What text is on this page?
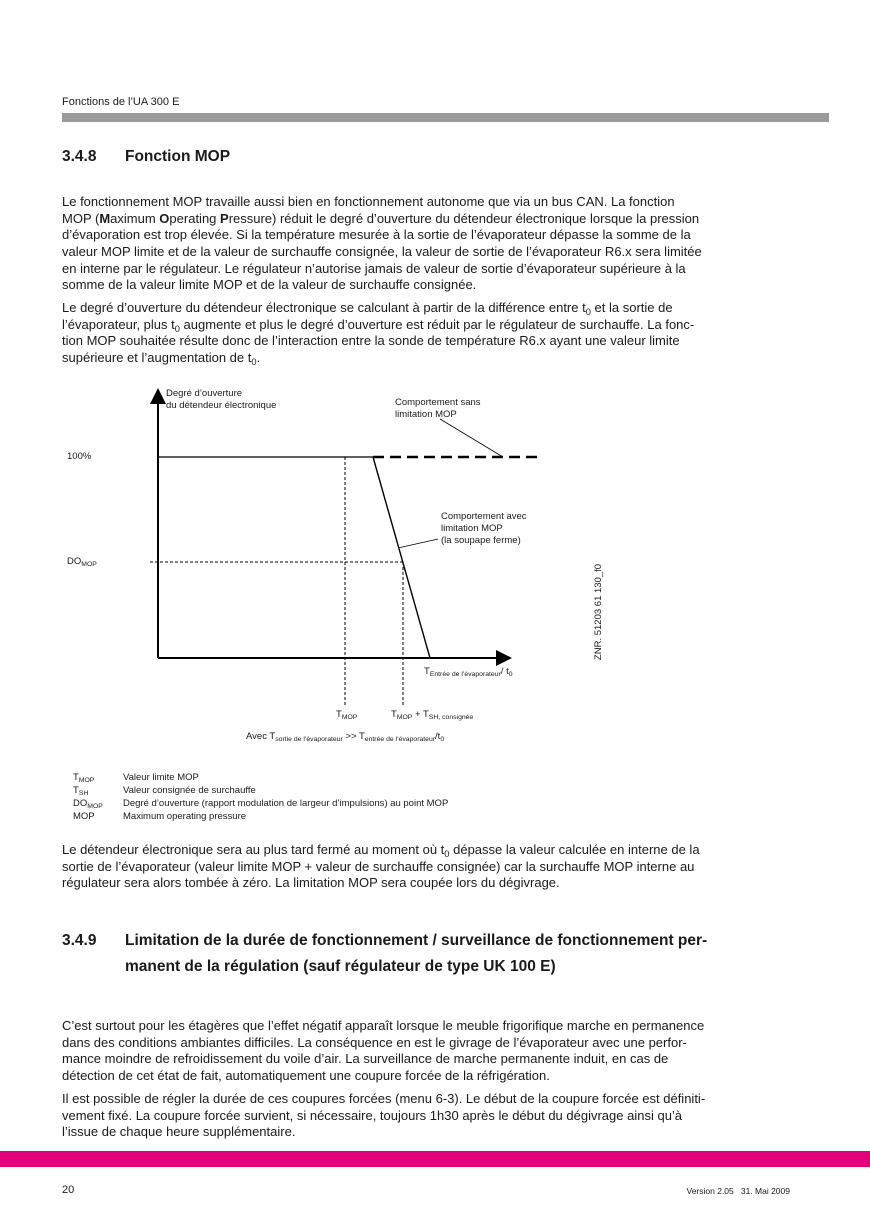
Fonctions de l’UA 300 E
3.4.8 Fonction MOP
Le fonctionnement MOP travaille aussi bien en fonctionnement autonome que via un bus CAN. La fonction
MOP (Maximum Operating Pressure) réduit le degré d’ouverture du détendeur électronique lorsque la pression
d’évaporation est trop élevée. Si la température mesurée à la sortie de l’évaporateur dépasse la somme de la
valeur MOP limite et de la valeur de surchauffe consignée, la valeur de sortie de l’évaporateur R6.x sera limitée
en interne par le régulateur. Le régulateur n’autorise jamais de valeur de sortie d’évaporateur supérieure à la
somme de la valeur limite MOP et de la valeur de surchauffe consignée.
Le degré d’ouverture du détendeur électronique se calculant à partir de la différence entre $t_0$ et la sortie de
l’évaporateur, plus $t_0$ augmente et plus le degré d’ouverture est réduit par le régulateur de surchauffe. La fonc-
tion MOP souhaitée résulte donc de l’interaction entre la sonde de température R6.x ayant une valeur limite
supérieure et l’augmentation de $t_0$.
Degré d’ouverture
du détendeur électronique	Comportement sans
limitation MOP
100%
Comportement avec
limitation MOP
(la soupape ferme)
$DO_{MOP}$
$T_{Entrée de l’évaporateur}/$ $t_0$
$T_{MOP}$	$T_{MOP} + T_{SH, consignée}$
Avec $T_{sortie de l’évaporateur} >> T_{entrée de l’évaporateur}/t_0$
ZNR. 51203 61 130_f0
$T_{MOP}$	Valeur limite MOP
$T_{SH}$	Valeur consignée de surchauffe
$DO_{MOP}$	Degré d’ouverture (rapport modulation de largeur d’impulsions) au point MOP
MOP	Maximum operating pressure
Le détendeur électronique sera au plus tard fermé au moment où $t_0$ dépasse la valeur calculée en interne de la
sortie de l’évaporateur (valeur limite MOP + valeur de surchauffe consignée) car la surchauffe MOP interne au
régulateur sera alors tombée à zéro. La limitation MOP sera coupée lors du dégivrage.
3.4.9 Limitation de la durée de fonctionnement / surveillance de fonctionnement per-
manent de la régulation (sauf régulateur de type UK 100 E)
C’est surtout pour les étagères que l’effet négatif apparaît lorsque le meuble frigorifique marche en permanence
dans des conditions ambiantes difficiles. La conséquence en est le givrage de l’évaporateur avec une perfor-
mance moindre de refroidissement du voile d’air. La surveillance de marche permanente induit, en cas de
détection de cet état de fait, automatiquement une coupure forcée de la réfrigération.
Il est possible de régler la durée de ces coupures forcées (menu 6-3). Le début de la coupure forcée est définiti-
vement fixé. La coupure forcée survient, si nécessaire, toujours 1h30 après le début du dégivrage ainsi qu’à
l’issue de chaque heure supplémentaire.
20	Version 2.05   31. Mai 2009
